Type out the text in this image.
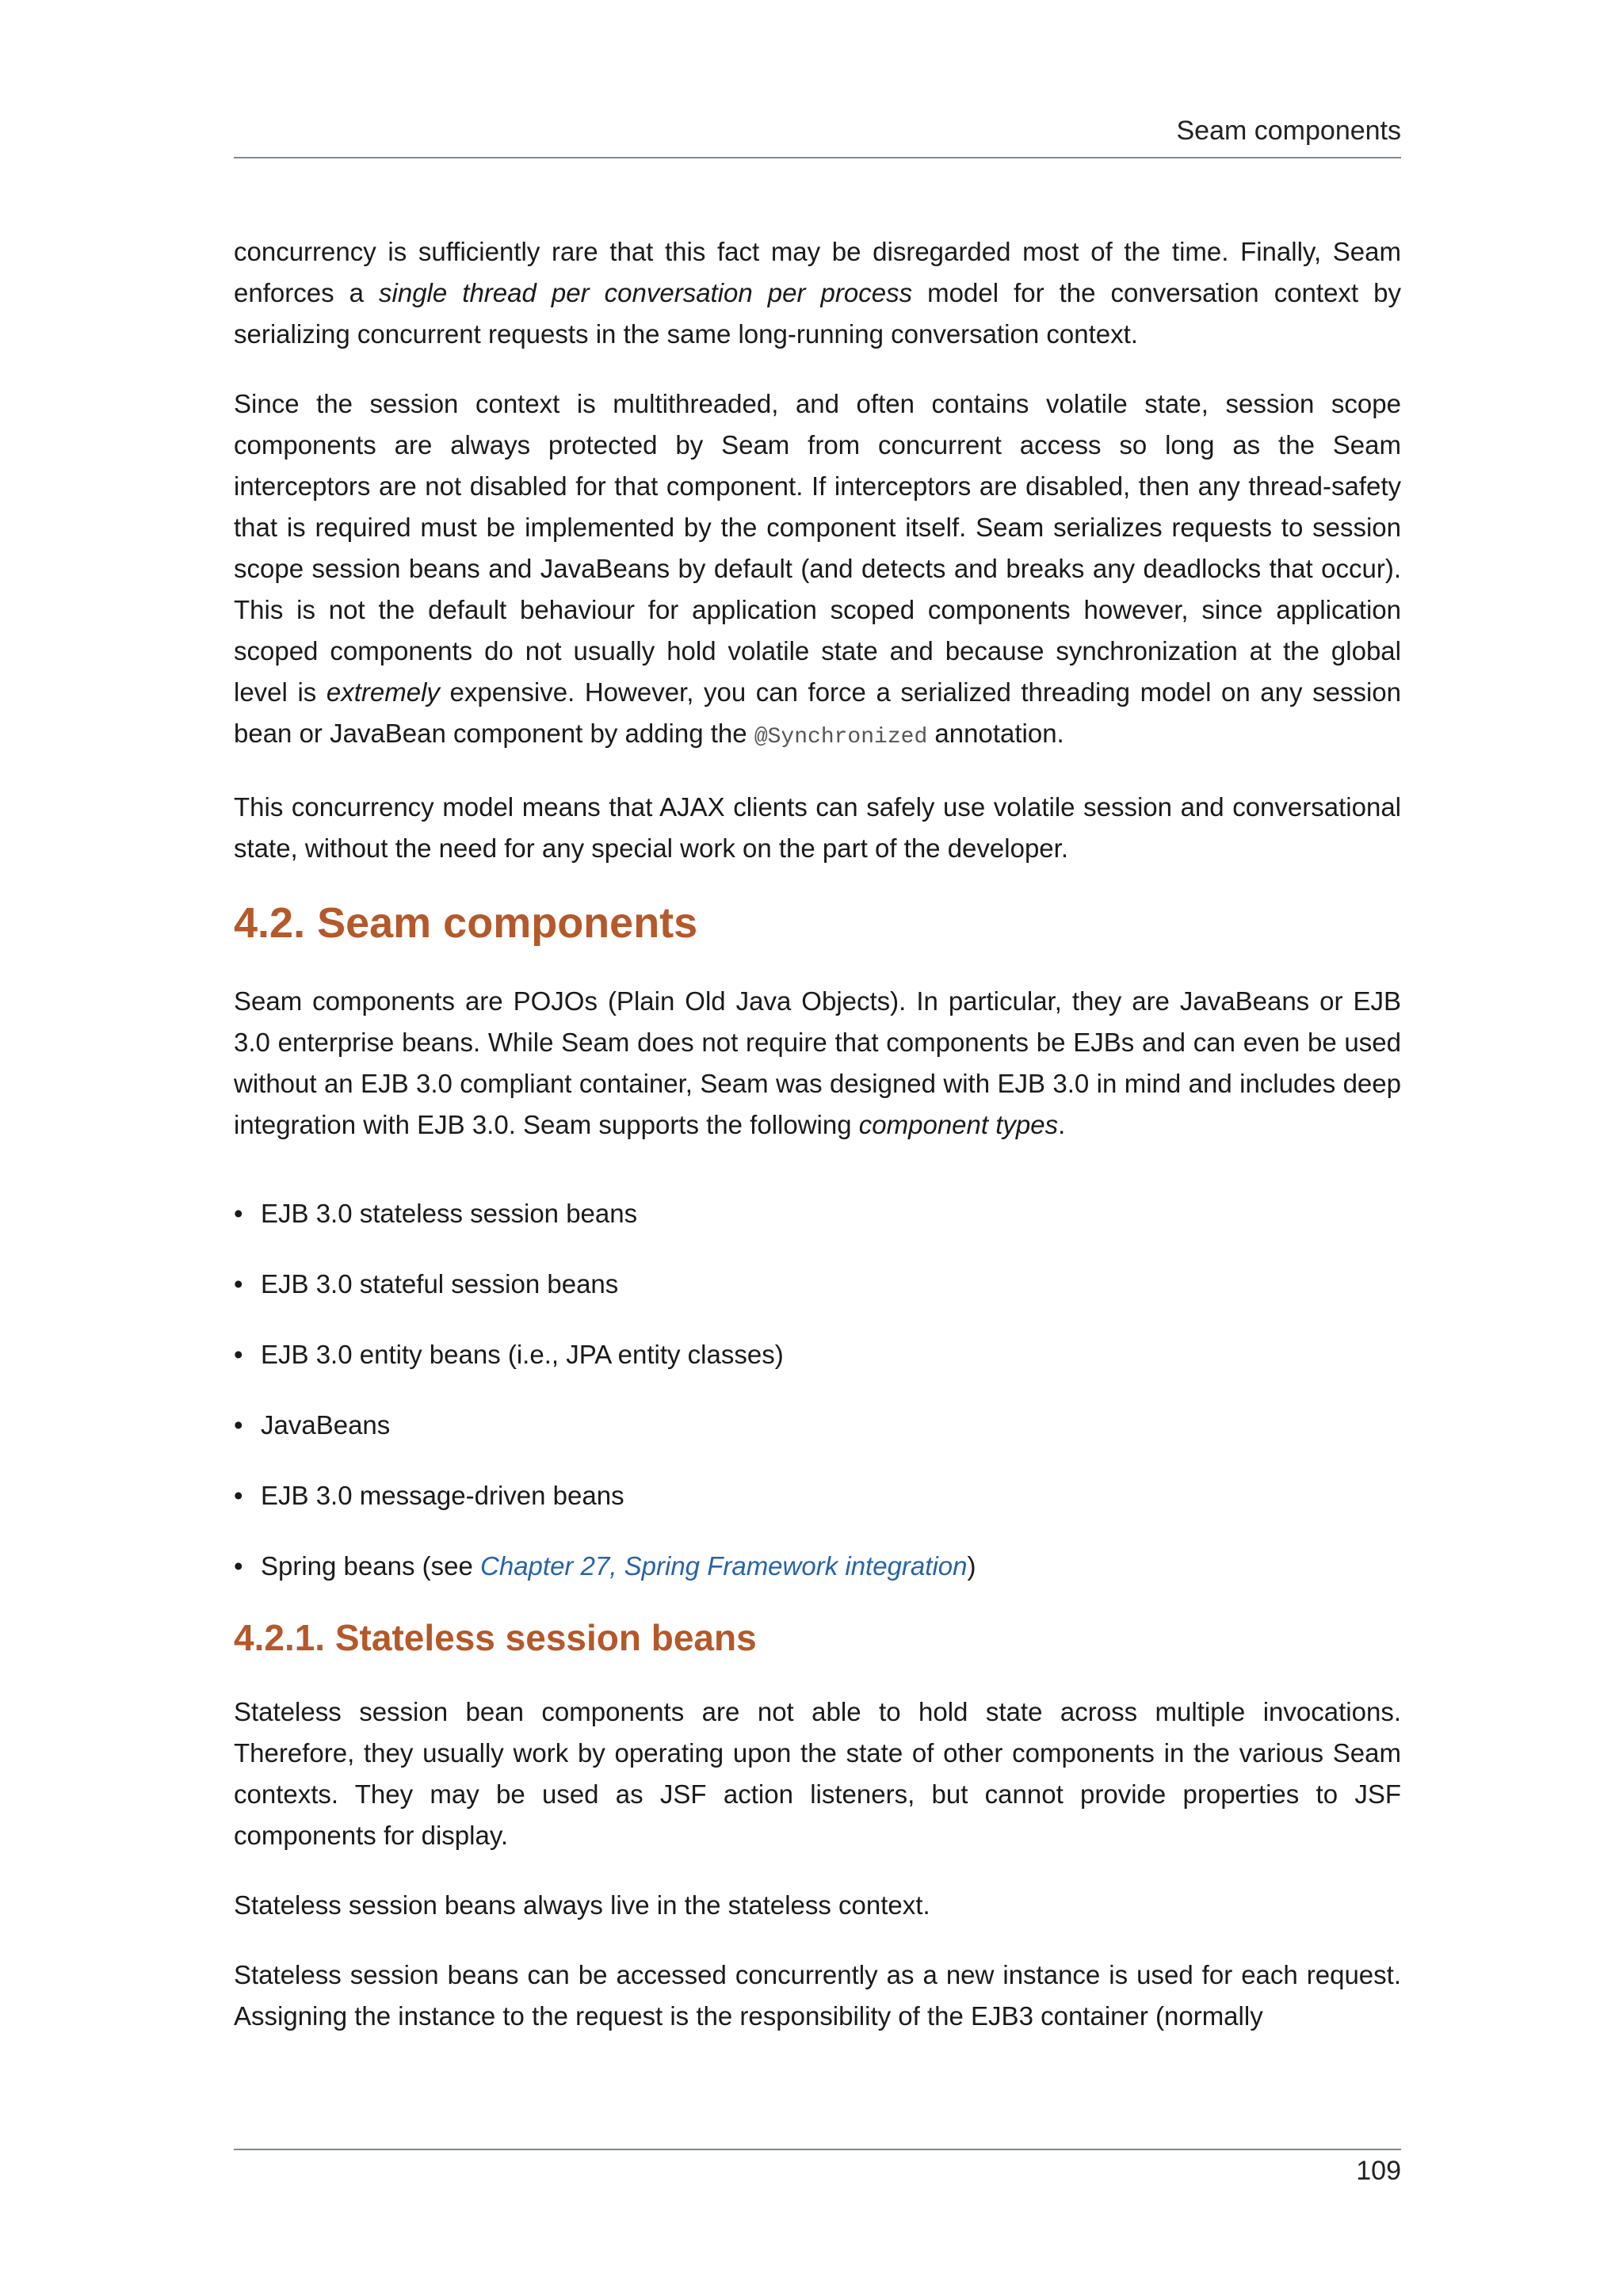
Seam components

concurrency is sufficiently rare that this fact may be disregarded most of the time. Finally, Seam enforces a single thread per conversation per process model for the conversation context by serializing concurrent requests in the same long-running conversation context.

Since the session context is multithreaded, and often contains volatile state, session scope components are always protected by Seam from concurrent access so long as the Seam interceptors are not disabled for that component. If interceptors are disabled, then any thread-safety that is required must be implemented by the component itself. Seam serializes requests to session scope session beans and JavaBeans by default (and detects and breaks any deadlocks that occur). This is not the default behaviour for application scoped components however, since application scoped components do not usually hold volatile state and because synchronization at the global level is extremely expensive. However, you can force a serialized threading model on any session bean or JavaBean component by adding the @Synchronized annotation.

This concurrency model means that AJAX clients can safely use volatile session and conversational state, without the need for any special work on the part of the developer.

4.2. Seam components

Seam components are POJOs (Plain Old Java Objects). In particular, they are JavaBeans or EJB 3.0 enterprise beans. While Seam does not require that components be EJBs and can even be used without an EJB 3.0 compliant container, Seam was designed with EJB 3.0 in mind and includes deep integration with EJB 3.0. Seam supports the following component types.

• EJB 3.0 stateless session beans
• EJB 3.0 stateful session beans
• EJB 3.0 entity beans (i.e., JPA entity classes)
• JavaBeans
• EJB 3.0 message-driven beans
• Spring beans (see Chapter 27, Spring Framework integration)
4.2.1. Stateless session beans

Stateless session bean components are not able to hold state across multiple invocations. Therefore, they usually work by operating upon the state of other components in the various Seam contexts. They may be used as JSF action listeners, but cannot provide properties to JSF components for display.

Stateless session beans always live in the stateless context.

Stateless session beans can be accessed concurrently as a new instance is used for each request. Assigning the instance to the request is the responsibility of the EJB3 container (normally

109
